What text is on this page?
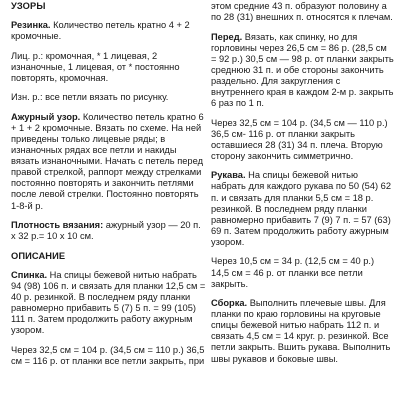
УЗОРЫ

Резинка. Количество петель кратно 4 + 2 кромочные.

Лиц. р.: кромочная, * 1 лицевая, 2 изнаночные, 1 лицевая, от * постоянно повторять, кромочная.

Изн. р.: все петли вязать по рисунку.

Ажурный узор. Количество петель кратно 6 + 1 + 2 кромочные. Вязать по схеме. На ней приведены только лицевые ряды; в изнаночных рядах все петли и накиды вязать изнаночными. Начать с петель перед правой стрелкой, раппорт между стрелками постоянно повторять и закончить петлями после левой стрелки. Постоянно повторять 1-8-й р.

Плотность вязания: ажурный узор — 20 п. х 32 р.= 10 х 10 см.

ОПИСАНИЕ

Спинка. На спицы бежевой нитью набрать 94 (98) 106 п. и связать для планки 12,5 см = 40 р. резинкой. В последнем ряду планки равномерно прибавить 5 (7) 5 п. = 99 (105) 111 п. Затем продолжить работу ажурным узором.

Через 32,5 см = 104 р. (34,5 см = 110 р.) 36,5 см = 116 р. от планки все петли закрыть, при

этом средние 43 п. образуют половину а по 28 (31) внешних п. относятся к плечам.

Перед. Вязать, как спинку, но для горловины через 26,5 см = 86 р. (28,5 см = 92 р.) 30,5 см — 98 р. от планки закрыть среднюю 31 п. и обе стороны закончить раздельно. Для закругления с внутреннего края в каждом 2-м р. закрыть 6 раз по 1 п.

Через 32,5 см = 104 р. (34,5 см — 110 р.) 36,5 см- 116 р. от планки закрыть оставшиеся 28 (31) 34 п. плеча. Вторую сторону закончить симметрично.

Рукава. На спицы бежевой нитью набрать для каждого рукава по 50 (54) 62 п. и связать для планки 5,5 см = 18 р. резинкой. В последнем ряду планки равномерно прибавить 7 (9) 7 п. = 57 (63) 69 п. Затем продолжить работу ажурным узором.

Через 10,5 см = 34 р. (12,5 см = 40 р.) 14,5 см = 46 р. от планки все петли закрыть.

Сборка. Выполнить плечевые швы. Для планки по краю горловины на круговые спицы бежевой нитью набрать 112 п. и связать 4,5 см = 14 круг. р. резинкой. Все петли закрыть. Вшить рукава. Выполнить швы рукавов и боковые швы.
